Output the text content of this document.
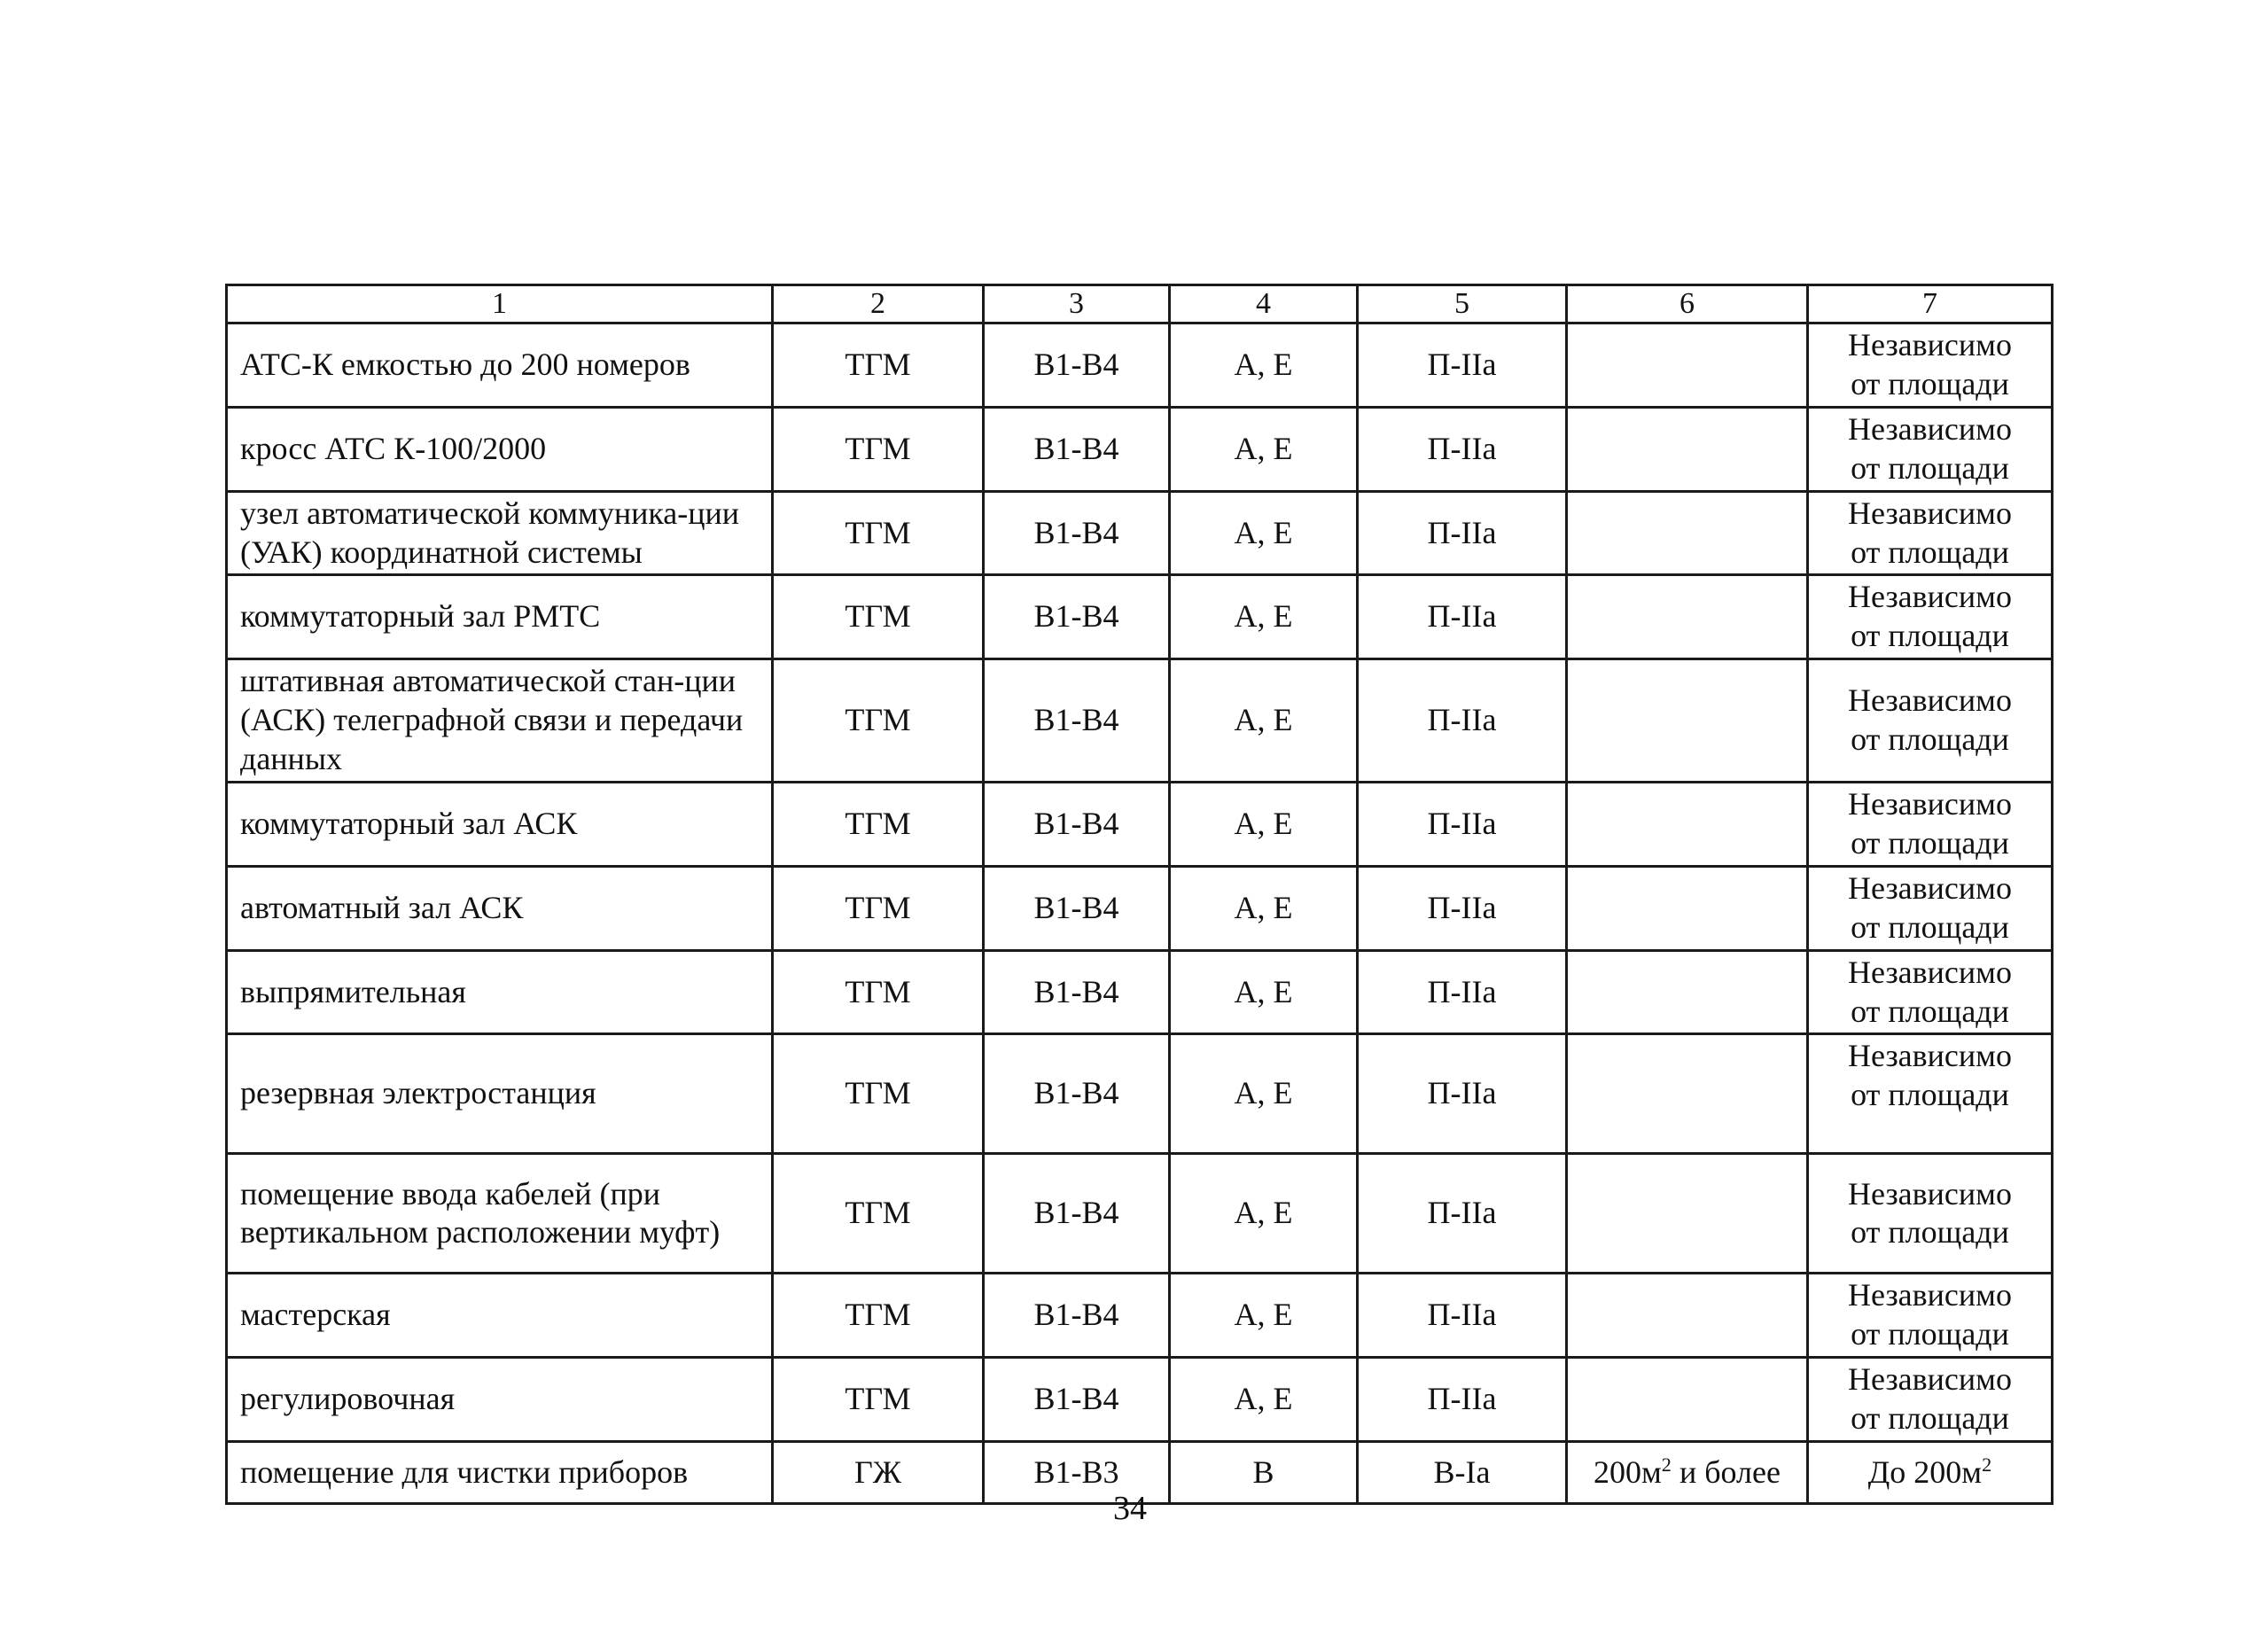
1	2	3	4	5	6	7
АТС-К емкостью до 200 номеров	ТГМ	В1-В4	А, Е	П-IIа		Независимо
от площади

кросс АТС К-100/2000	ТГМ	В1-В4	А, Е	П-IIа		Независимо
от площади

узел автоматической коммуника-ции (УАК) координатной системы	ТГМ	В1-В4	А, Е	П-IIа		Независимо
от площади

коммутаторный зал РМТС	ТГМ	В1-В4	А, Е	П-IIа		Независимо
от площади

штативная автоматической стан-ции (АСК) телеграфной связи и передачи данных	ТГМ	В1-В4	А, Е	П-IIа		Независимо
от площади

коммутаторный зал АСК	ТГМ	В1-В4	А, Е	П-IIа		Независимо
от площади

автоматный зал АСК	ТГМ	В1-В4	А, Е	П-IIа		Независимо
от площади

выпрямительная	ТГМ	В1-В4	А, Е	П-IIа		Независимо
от площади

резервная электростанция	ТГМ	В1-В4	А, Е	П-IIа		Независимо
от площади

помещение ввода кабелей (при вертикальном расположении муфт)	ТГМ	В1-В4	А, Е	П-IIа		Независимо
от площади

мастерская	ТГМ	В1-В4	А, Е	П-IIа		Независимо
от площади

регулировочная	ТГМ	В1-В4	А, Е	П-IIа		Независимо
от площади

помещение для чистки приборов	ГЖ	В1-В3	В	В-Iа	$200м^2$ и более	До $200м^2$
34
